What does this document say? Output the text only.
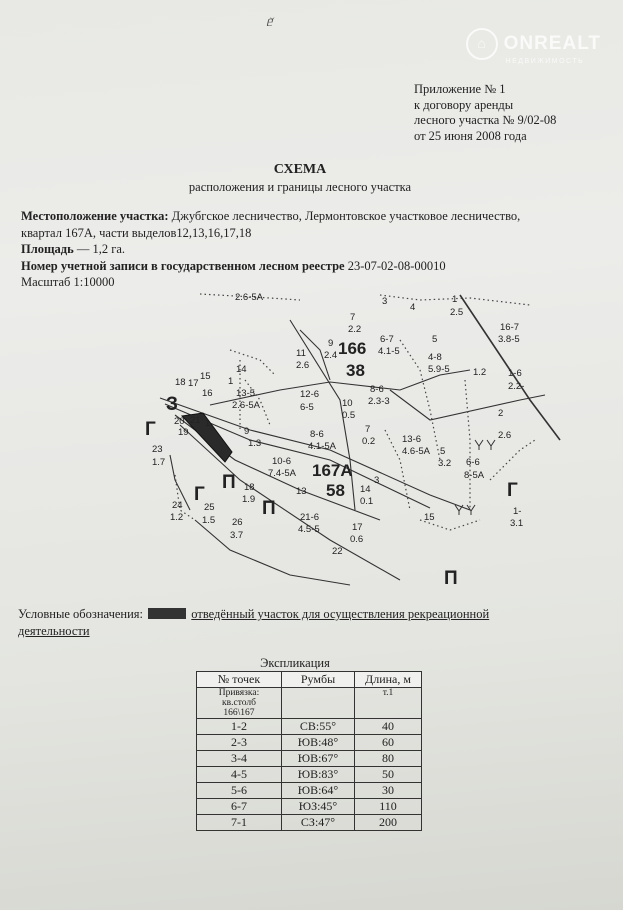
ᥱ̆
⌂ ONREALT
НЕДВИЖИМОСТЬ
Приложение № 1
к договору аренды
лесного участка № 9/02-08
от 25 июня 2008 года
СХЕМА
расположения и границы лесного участка
Местоположение участка: Джубгское лесничество, Лермонтовское участковое лесничество,
квартал 167А, части выделов12,13,16,17,18
Площадь — 1,2 га.
Номер учетной записи в государственном лесном реестре 23-07-02-08-00010
Масштаб 1:10000
2.6-5А	3
4
1
2.5
7
2.2
6-7
4.1-5
9
2.4 166
38
11
2.6
5
4-8
5.9-5
16-7
3.8-5
1.2 1-6
2.2-
14
1
18 17
15
16 13-5
2.6-5А
12-6
6-5
8-6
2.3-3
10
0.5	2
2.6
З
20
19
21 1
9
1.3
8-6
4.1-5А
7
0.2	13-6
4.6-5А 5
3.2 6-6
8-5А
Г
23
1.7	10-6
7.4-5А 167А
58
П 18
1.9
13	14
0.1
3
Г
24
1.2
25
1.5
П
26
3.7
21-6
4.5-5	17
0.6
15
22
П
1-
3.1
Г
Условные обозначения:	отведённый участок для осуществления рекреационной
деятельности
Экспликация
№ точек	Румбы	Длина, м

Привязка:
кв.столб
166\167		т.1
1-2	СВ:55°	40
2-3	ЮВ:48°	60
3-4	ЮВ:67°	80
4-5	ЮВ:83°	50
5-6	ЮВ:64°	30
6-7	ЮЗ:45°	110
7-1	СЗ:47°	200
